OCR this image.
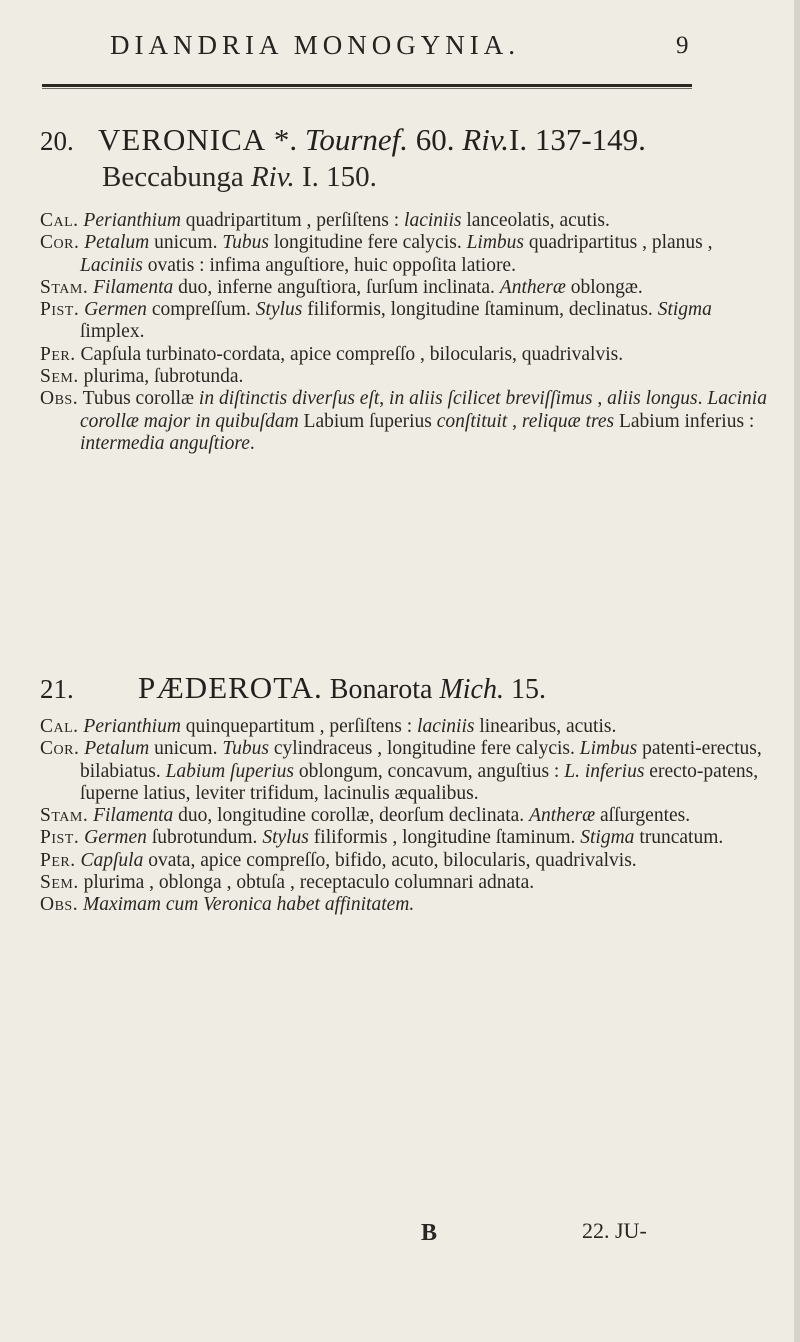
DIANDRIA MONOGYNIA.	9
20. VERONICA *. Tournef. 60. Riv.I. 137-149.
Beccabunga Riv. I. 150.

Cal. Perianthium quadripartitum , perſiſtens : laciniis lanceolatis, acutis.

Cor. Petalum unicum. Tubus longitudine fere calycis. Limbus quadripartitus , planus , Laciniis ovatis : infima anguſtiore, huic oppoſita latiore.

Stam. Filamenta duo, inferne anguſtiora, ſurſum inclinata. Antheræ oblongæ.

Pist. Germen compreſſum. Stylus filiformis, longitudine ſtaminum, declinatus. Stigma ſimplex.

Per. Capſula turbinato-cordata, apice compreſſo , bilocularis, quadrivalvis.

Sem. plurima, ſubrotunda.

Obs. Tubus corollæ in diſtinctis diverſus eſt, in aliis ſcilicet breviſſimus , aliis longus. Lacinia corollæ major in quibuſdam Labium ſuperius conſtituit , reliquæ tres Labium inferius : intermedia anguſtiore.

21. PÆDEROTA. Bonarota Mich. 15.

Cal. Perianthium quinquepartitum , perſiſtens : laciniis linearibus, acutis.

Cor. Petalum unicum. Tubus cylindraceus , longitudine fere calycis. Limbus patenti-erectus, bilabiatus. Labium ſuperius oblongum, concavum, anguſtius : L. inferius erecto-patens, ſuperne latius, leviter trifidum, lacinulis æqualibus.

Stam. Filamenta duo, longitudine corollæ, deorſum declinata. Antheræ aſſurgentes.

Pist. Germen ſubrotundum. Stylus filiformis , longitudine ſtaminum. Stigma truncatum.

Per. Capſula ovata, apice compreſſo, bifido, acuto, bilocularis, quadrivalvis.

Sem. plurima , oblonga , obtuſa , receptaculo columnari adnata.

Obs. Maximam cum Veronica habet affinitatem.

B	22. JU-
